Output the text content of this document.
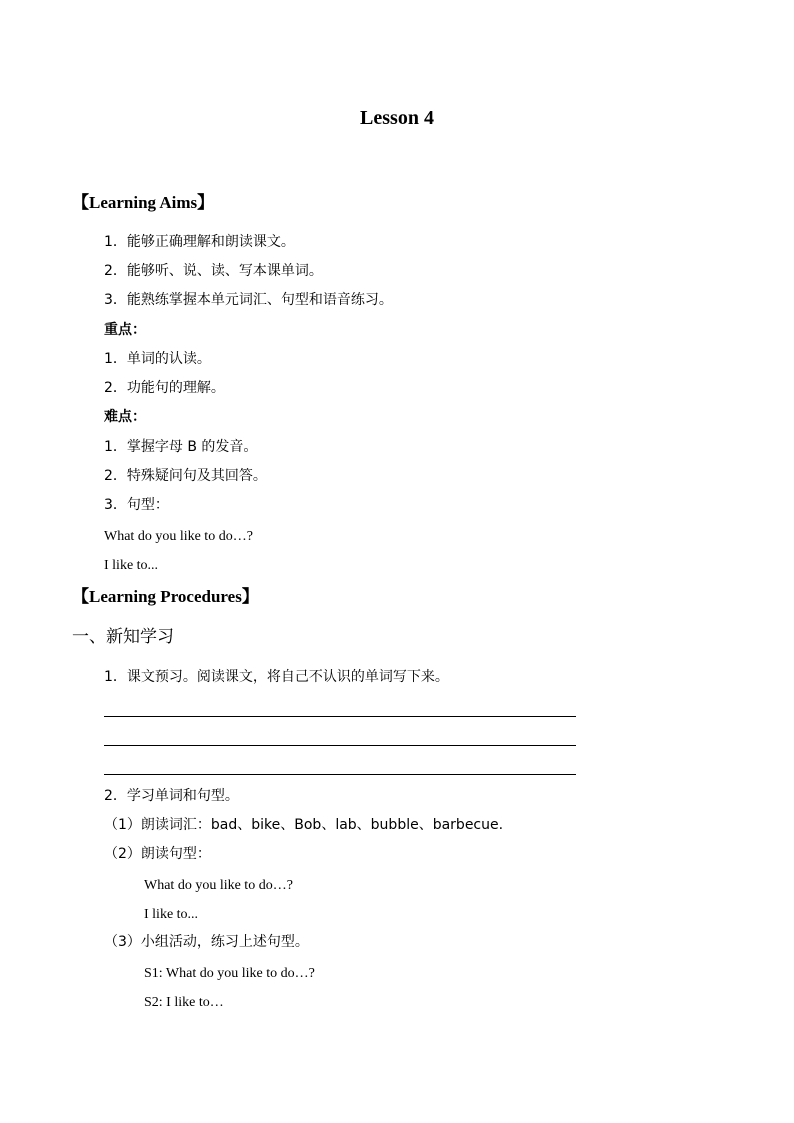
Lesson 4
【Learning Aims】
1．能够正确理解和朗读课文。
2．能够听、说、读、写本课单词。
3．能熟练掌握本单元词汇、句型和语音练习。
重点：
1．单词的认读。
2．功能句的理解。
难点：
1．掌握字母 B 的发音。
2．特殊疑问句及其回答。
3．句型：
What do you like to do…?
I like to...
【Learning Procedures】
一、新知学习
1．课文预习。阅读课文，将自己不认识的单词写下来。
2．学习单词和句型。
（1）朗读词汇：bad、bike、Bob、lab、bubble、barbecue.
（2）朗读句型：
What do you like to do…?
I like to...
（3）小组活动，练习上述句型。
S1: What do you like to do…?
S2: I like to…
